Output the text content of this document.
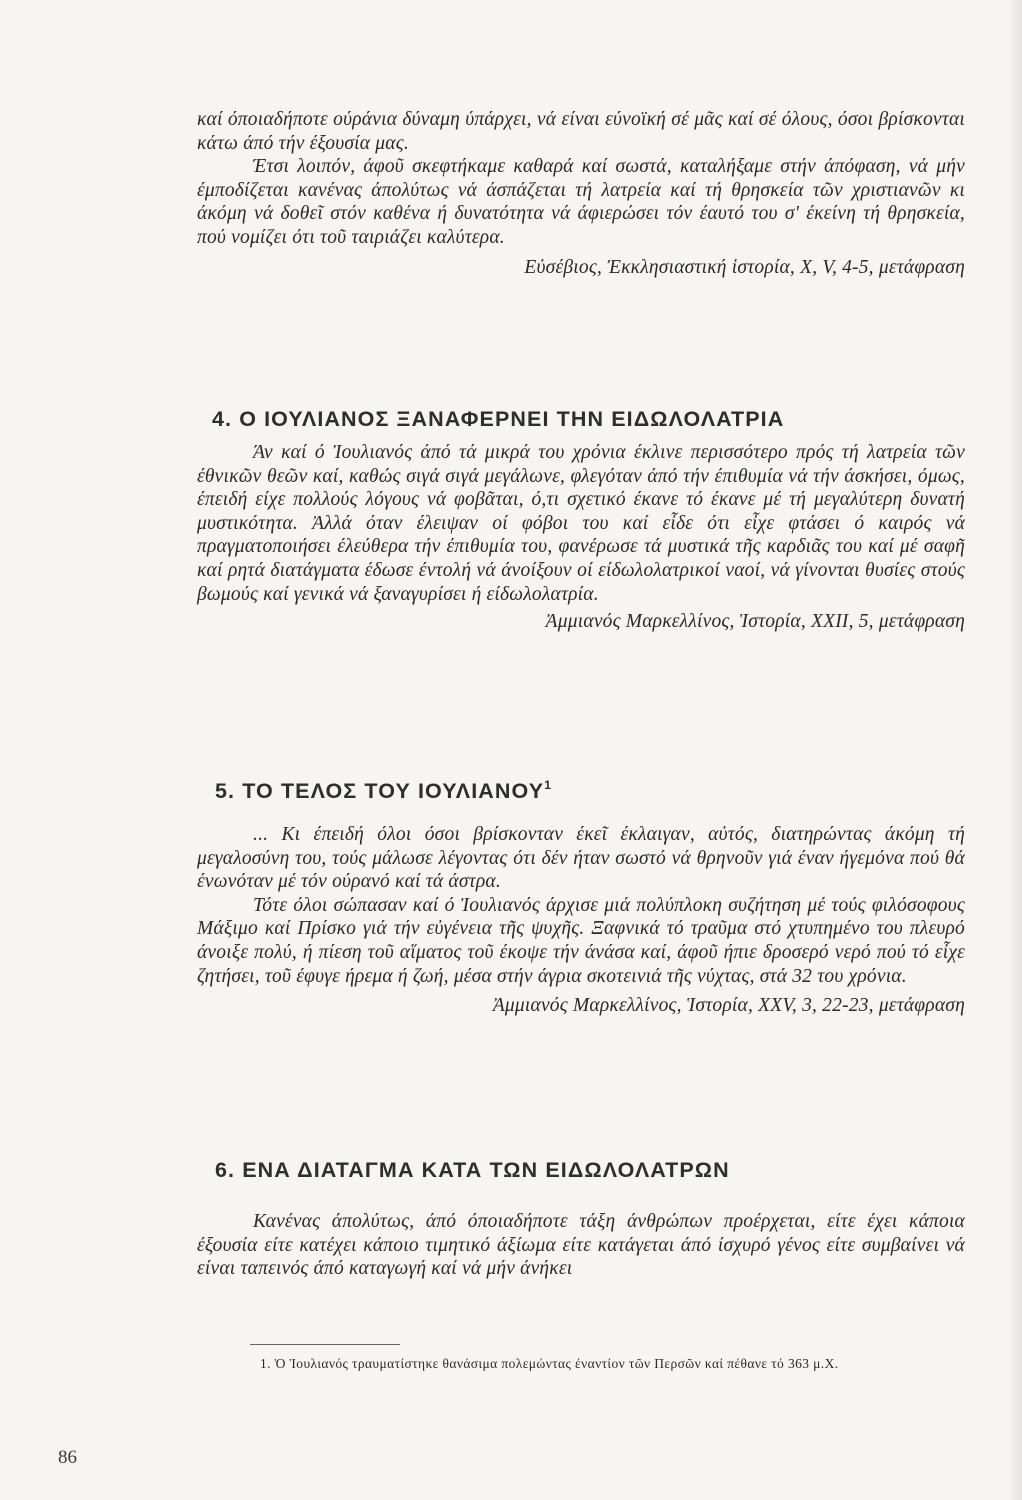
καί όποιαδήποτε ούράνια δύναμη ύπάρχει, νά είναι εύνοϊκή σέ μᾶς καί σέ όλους, όσοι βρίσκονται κάτω άπό τήν έξουσία μας.

Έτσι λοιπόν, άφοῦ σκεφτήκαμε καθαρά καί σωστά, καταλήξαμε στήν άπόφαση, νά μήν έμποδίζεται κανένας άπολύτως νά άσπάζεται τή λατρεία καί τή θρησκεία τῶν χριστιανῶν κι άκόμη νά δοθεῖ στόν καθένα ή δυνατότητα νά άφιερώσει τόν έαυτό του σ' έκείνη τή θρησκεία, πού νομίζει ότι τοῦ ταιριάζει καλύτερα.

Εὐσέβιος, Ἐκκλησιαστική ἱστορία, X, V, 4-5, μετάφραση

4. Ο ΙΟΥΛΙΑΝΟΣ ΞΑΝΑΦΕΡΝΕΙ ΤΗΝ ΕΙΔΩΛΟΛΑΤΡΙΑ

Άν καί ό Ἰουλιανός άπό τά μικρά του χρόνια έκλινε περισσότερο πρός τή λατρεία τῶν έθνικῶν θεῶν καί, καθώς σιγά σιγά μεγάλωνε, φλεγόταν άπό τήν έπιθυμία νά τήν άσκήσει, όμως, έπειδή είχε πολλούς λόγους νά φοβᾶται, ό,τι σχετικό έκανε τό έκανε μέ τή μεγαλύτερη δυνατή μυστικότητα. Ἀλλά όταν έλειψαν οί φόβοι του καί εἶδε ότι εἶχε φτάσει ό καιρός νά πραγματοποιήσει έλεύθερα τήν έπιθυμία του, φανέρωσε τά μυστικά τῆς καρδιᾶς του καί μέ σαφῆ καί ρητά διατάγματα έδωσε έντολή νά άνοίξουν οί είδωλολατρικοί ναοί, νά γίνονται θυσίες στούς βωμούς καί γενικά νά ξαναγυρίσει ή είδωλολατρία.

Ἀμμιανός Μαρκελλίνος, Ἱστορία, XXII, 5, μετάφραση

5. ΤΟ ΤΕΛΟΣ ΤΟΥ ΙΟΥΛΙΑΝΟΥ$^1$

... Κι έπειδή όλοι όσοι βρίσκονταν έκεῖ έκλαιγαν, αὐτός, διατηρώντας άκόμη τή μεγαλοσύνη του, τούς μάλωσε λέγοντας ότι δέν ήταν σωστό νά θρηνοῦν γιά έναν ήγεμόνα πού θά ένωνόταν μέ τόν ούρανό καί τά άστρα.

Τότε όλοι σώπασαν καί ό Ἰουλιανός άρχισε μιά πολύπλοκη συζήτηση μέ τούς φιλόσοφους Μάξιμο καί Πρίσκο γιά τήν εὐγένεια τῆς ψυχῆς. Ξαφνικά τό τραῦμα στό χτυπημένο του πλευρό άνοιξε πολύ, ή πίεση τοῦ αἵματος τοῦ έκοψε τήν άνάσα καί, άφοῦ ήπιε δροσερό νερό πού τό εἶχε ζητήσει, τοῦ έφυγε ήρεμα ή ζωή, μέσα στήν άγρια σκοτεινιά τῆς νύχτας, στά 32 του χρόνια.

Ἀμμιανός Μαρκελλίνος, Ἱστορία, XXV, 3, 22-23, μετάφραση

6. ΕΝΑ ΔΙΑΤΑΓΜΑ ΚΑΤΑ ΤΩΝ ΕΙΔΩΛΟΛΑΤΡΩΝ

Κανένας άπολύτως, άπό όποιαδήποτε τάξη άνθρώπων προέρχεται, είτε έχει κάποια έξουσία είτε κατέχει κάποιο τιμητικό άξίωμα είτε κατάγεται άπό ίσχυρό γένος είτε συμβαίνει νά είναι ταπεινός άπό καταγωγή καί νά μήν άνήκει

1. Ὁ Ἰουλιανός τραυματίστηκε θανάσιμα πολεμώντας έναντίον τῶν Περσῶν καί πέθανε τό 363 μ.Χ.

86
